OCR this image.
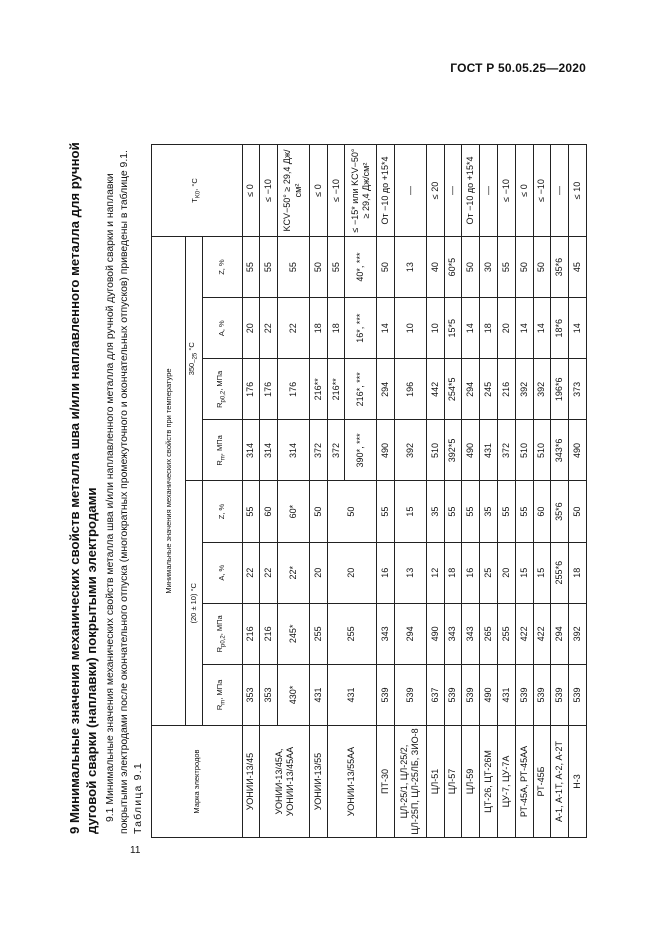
ГОСТ Р 50.05.25—2020
9 Минимальные значения механических свойств металла шва и/или наплавленного металла для ручной дуговой сварки (наплавки) покрытыми электродами 9.1 Минимальные значения механических свойств металла шва и/или наплавленного металла для ручной дуговой сварки и наплавки покрытыми электродами после окончательного отпуска (многократных промежуточного и окончательных отпусков) приведены в таблице 9.1. Таблица 9.1	Марка электродов	Минимальные значения механических свойств при температуре								$T_{K0}$, °С
	(20 ± 10) °С				$350_{-25}$ °С				
	$R_m$, МПа	$R_{p0,2}$, МПа	A, %	Z, %	$R_m$, МПа	$R_{p0,2}$, МПа	A, %	Z, %	
УОНИИ-13/45	353	216	22	55	314	176	20	55	≤ 0
УОНИИ-13/45А, УОНИИ-13/45АА	353	216	22	60	314	176	22	55	≤ −10
	430*	245*	22*	60*	314	176	22	55	KCV−50° ≥ 29,4 Дж/см²
УОНИИ-13/55	431	255	20	50	372	216**	18	50	≤ 0
УОНИИ-13/55АА	431	255	20	50	372	216**	18	55	≤ −10
					390*, ***	216*, ***	16*, ***	40*, ***	≤ −15* или KCV−50° ≥ 29,4 Дж/см²
ПТ-30	539	343	16	55	490	294	14	50	От −10 до +15*4
ЦЛ-25/1, ЦЛ-25/2, ЦЛ-25П, ЦЛ-25ЛБ, ЗИО-8	539	294	13	15	392	196	10	13	—
ЦЛ-51	637	490	12	35	510	442	10	40	≤ 20
ЦЛ-57	539	343	18	55	392*5	254*5	15*5	60*5	—
ЦЛ-59	539	343	16	55	490	294	14	50	От −10 до +15*4
ЦТ-26, ЦТ-26М	490	265	25	35	431	245	18	30	—
ЦУ-7, ЦУ-7А	431	255	20	55	372	216	20	55	≤ −10
РТ-45А, РТ-45АА	539	422	15	55	510	392	14	50	≤ 0
РТ-45Б	539	422	15	60	510	392	14	50	≤ −10
А-1, А-1Т, А-2, А-2Т	539	294	255*6	35*6	343*6	196*6	18*6	35*6	—
Н-3	539	392	18	50	490	373	14	45	≤ 10
11
